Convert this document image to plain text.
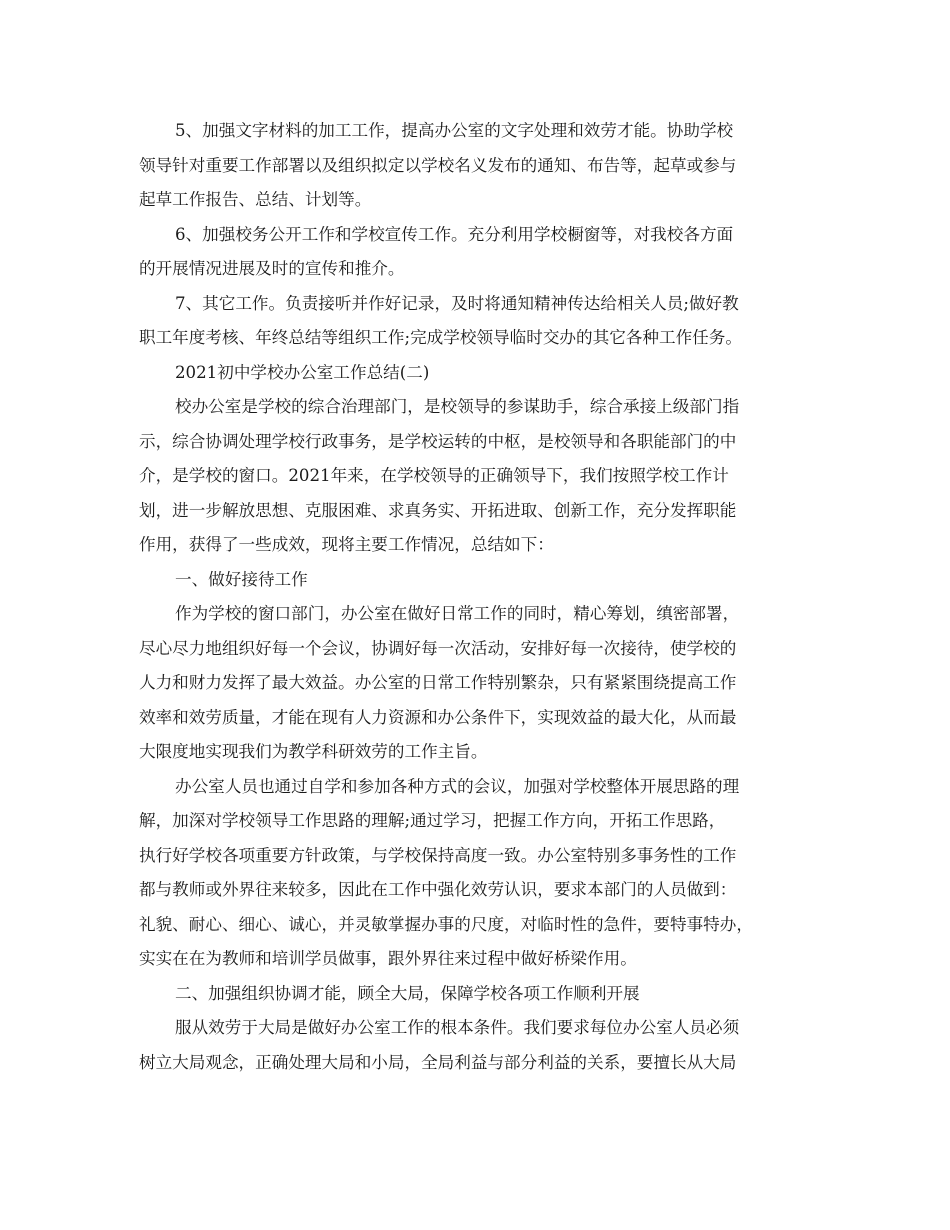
5、加强文字材料的加工工作，提高办公室的文字处理和效劳才能。协助学校
领导针对重要工作部署以及组织拟定以学校名义发布的通知、布告等，起草或参与
起草工作报告、总结、计划等。
6、加强校务公开工作和学校宣传工作。充分利用学校橱窗等，对我校各方面
的开展情况进展及时的宣传和推介。
7、其它工作。负责接听并作好记录，及时将通知精神传达给相关人员;做好教
职工年度考核、年终总结等组织工作;完成学校领导临时交办的其它各种工作任务。
2021初中学校办公室工作总结(二)
校办公室是学校的综合治理部门，是校领导的参谋助手，综合承接上级部门指
示，综合协调处理学校行政事务，是学校运转的中枢，是校领导和各职能部门的中
介，是学校的窗口。2021年来，在学校领导的正确领导下，我们按照学校工作计
划，进一步解放思想、克服困难、求真务实、开拓进取、创新工作，充分发挥职能
作用，获得了一些成效，现将主要工作情况，总结如下：
一、做好接待工作
作为学校的窗口部门，办公室在做好日常工作的同时，精心筹划，缜密部署，
尽心尽力地组织好每一个会议，协调好每一次活动，安排好每一次接待，使学校的
人力和财力发挥了最大效益。办公室的日常工作特别繁杂，只有紧紧围绕提高工作
效率和效劳质量，才能在现有人力资源和办公条件下，实现效益的最大化，从而最
大限度地实现我们为教学科研效劳的工作主旨。
办公室人员也通过自学和参加各种方式的会议，加强对学校整体开展思路的理
解，加深对学校领导工作思路的理解;通过学习，把握工作方向，开拓工作思路，
执行好学校各项重要方针政策，与学校保持高度一致。办公室特别多事务性的工作
都与教师或外界往来较多，因此在工作中强化效劳认识，要求本部门的人员做到：
礼貌、耐心、细心、诚心，并灵敏掌握办事的尺度，对临时性的急件，要特事特办，
实实在在为教师和培训学员做事，跟外界往来过程中做好桥梁作用。
二、加强组织协调才能，顾全大局，保障学校各项工作顺利开展
服从效劳于大局是做好办公室工作的根本条件。我们要求每位办公室人员必须
树立大局观念，正确处理大局和小局，全局利益与部分利益的关系，要擅长从大局
